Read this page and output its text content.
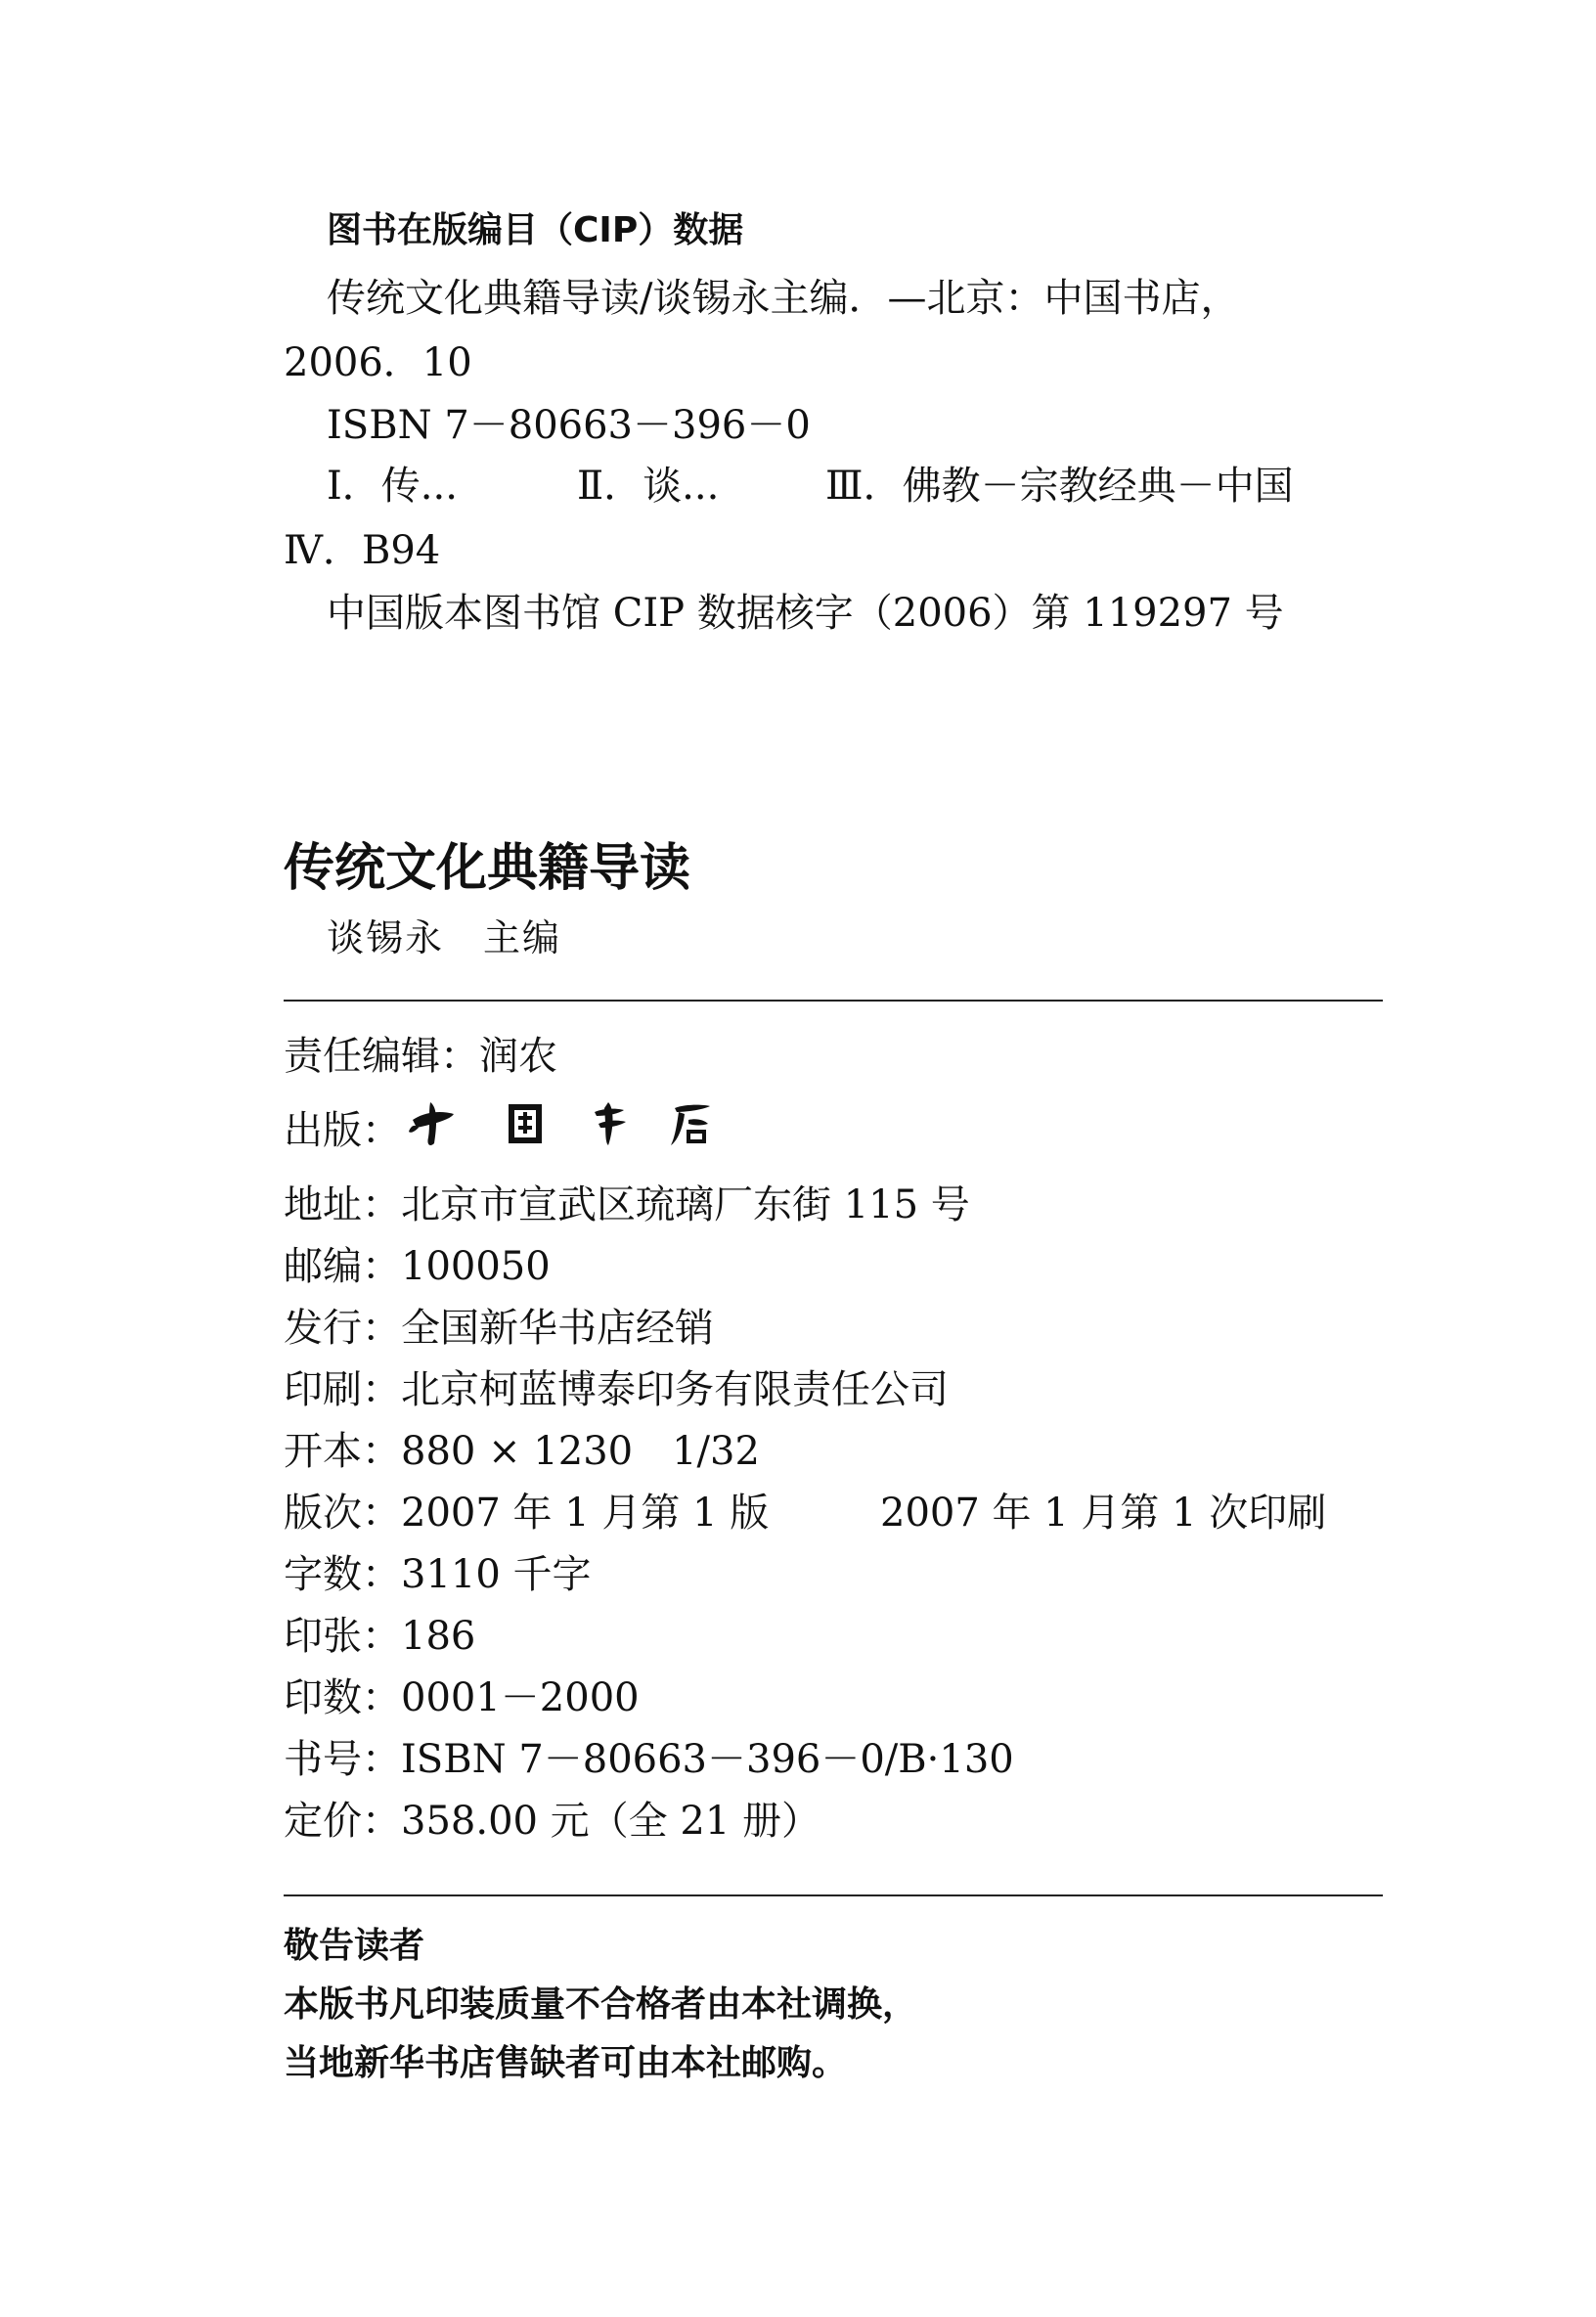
图书在版编目（CIP）数据
传统文化典籍导读/谈锡永主编．—北京：中国书店，
2006．10
ISBN 7－80663－396－0
Ⅰ．传...	Ⅱ．谈...	Ⅲ．佛教－宗教经典－中国
Ⅳ．B94
中国版本图书馆 CIP 数据核字（2006）第 119297 号
传统文化典籍导读
谈锡永　主编
责任编辑：润农
出版：
地址：北京市宣武区琉璃厂东街 115 号
邮编：100050
发行：全国新华书店经销
印刷：北京柯蓝博泰印务有限责任公司
开本：880 × 1230　1/32
版次：2007 年 1 月第 1 版	2007 年 1 月第 1 次印刷
字数：3110 千字
印张：186
印数：0001－2000
书号：ISBN 7－80663－396－0/B·130
定价：358.00 元（全 21 册）
敬告读者
本版书凡印装质量不合格者由本社调换，
当地新华书店售缺者可由本社邮购。
